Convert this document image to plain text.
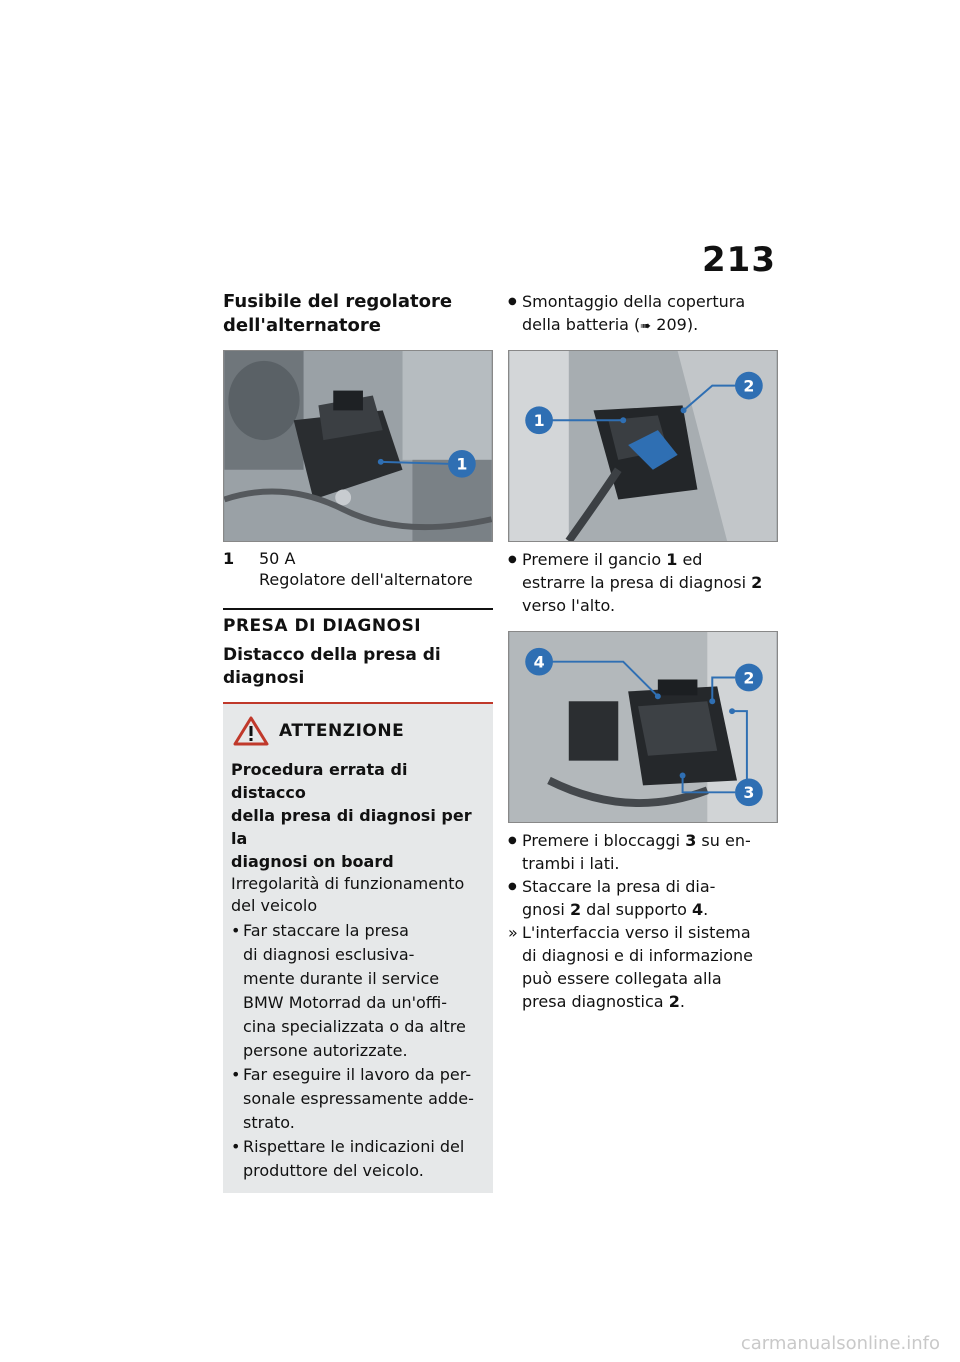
213
Fusibile del regolatore
dell'alternatore
1
1	50 A
Regolatore dell'alternatore
PRESA DI DIAGNOSI
Distacco della presa di
diagnosi
ATTENZIONE
Procedura errata di distacco
della presa di diagnosi per la
diagnosi on board
Irregolarità di funzionamento
del veicolo
• Far staccare la presa
di diagnosi esclusiva-
mente durante il service
BMW Motorrad da un'offi-
cina specializzata o da altre
persone autorizzate.
• Far eseguire il lavoro da per-
sonale espressamente adde-
strato.
• Rispettare le indicazioni del
produttore del veicolo.
● Smontaggio della copertura
della batteria (➠ 209).
1
2
● Premere il gancio 1 ed
estrarre la presa di diagnosi 2
verso l'alto.
4
2
3
● Premere i bloccaggi 3 su en-
trambi i lati.
● Staccare la presa di dia-
gnosi 2 dal supporto 4.
» L'interfaccia verso il sistema
di diagnosi e di informazione
può essere collegata alla
presa diagnostica 2.
carmanualsonline.info
